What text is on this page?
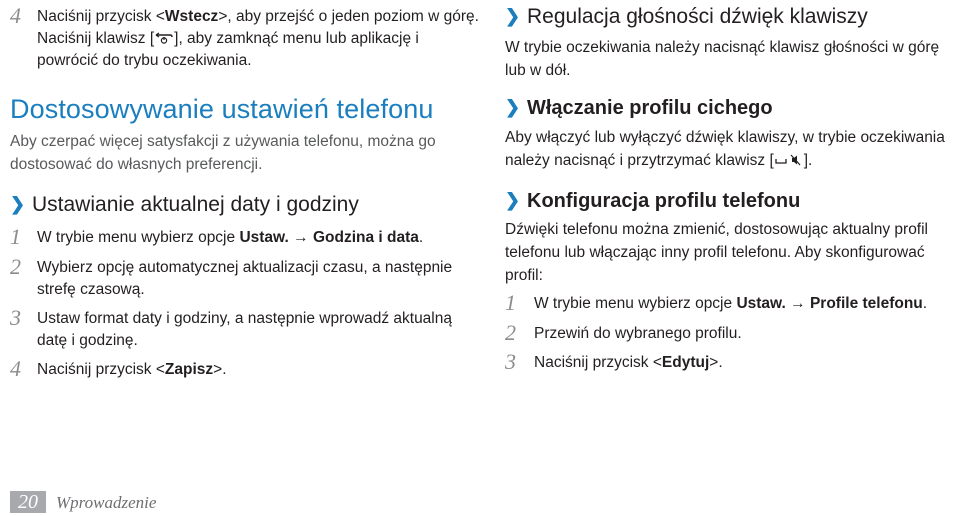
4	Naciśnij przycisk <Wstecz>, aby przejść o jeden poziom w górę. Naciśnij klawisz [ ], aby zamknąć menu lub aplikację i powrócić do trybu oczekiwania.
Dostosowywanie ustawień telefonu

Aby czerpać więcej satysfakcji z używania telefonu, można go dostosować do własnych preferencji.

❯ Ustawianie aktualnej daty i godziny
1	W trybie menu wybierz opcje Ustaw. → Godzina i data.
2	Wybierz opcję automatycznej aktualizacji czasu, a następnie strefę czasową.
3	Ustaw format daty i godziny, a następnie wprowadź aktualną datę i godzinę.
4	Naciśnij przycisk <Zapisz>.
❯ Regulacja głośności dźwięk klawiszy

W trybie oczekiwania należy nacisnąć klawisz głośności w górę lub w dół.

❯ Włączanie profilu cichego

Aby włączyć lub wyłączyć dźwięk klawiszy, w trybie oczekiwania należy nacisnąć i przytrzymać klawisz [ ].

❯ Konfiguracja profilu telefonu

Dźwięki telefonu można zmienić, dostosowując aktualny profil telefonu lub włączając inny profil telefonu. Aby skonfigurować profil:

1	W trybie menu wybierz opcje Ustaw. → Profile telefonu.
2	Przewiń do wybranego profilu.
3	Naciśnij przycisk <Edytuj>.
20	Wprowadzenie
